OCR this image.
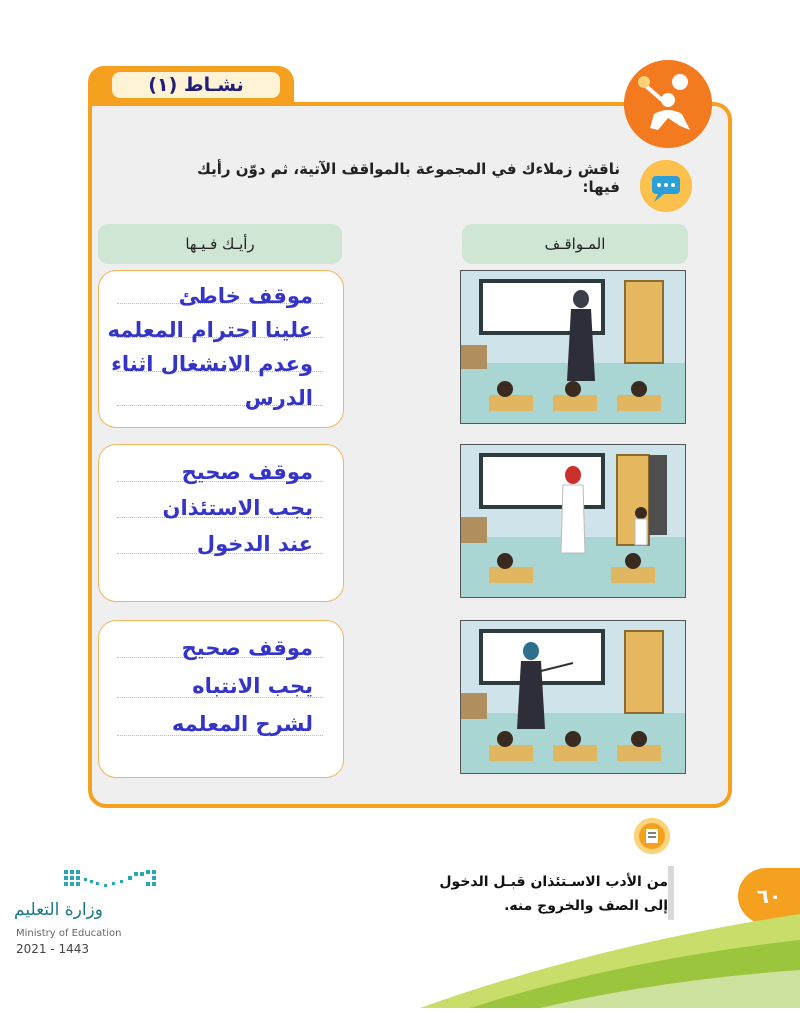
نشـاط (١)
ناقش زملاءك في المجموعة بالمواقف الآتية، ثم دوّن رأيك فيها:
رأيـك فـيـها	المـواقـف
موقف خاطئ
علينا احترام المعلمه
وعدم الانشغال اثناء
الدرس
موقف صحيح
يجب الاستئذان
عند الدخول
موقف صحيح
يجب الانتباه
لشرح المعلمه
من الأدب الاسـتئذان قبـل الدخول
إلى الصف والخروج منه.	٦٠
وزارة التعليم
Ministry of Education
2021 - 1443
